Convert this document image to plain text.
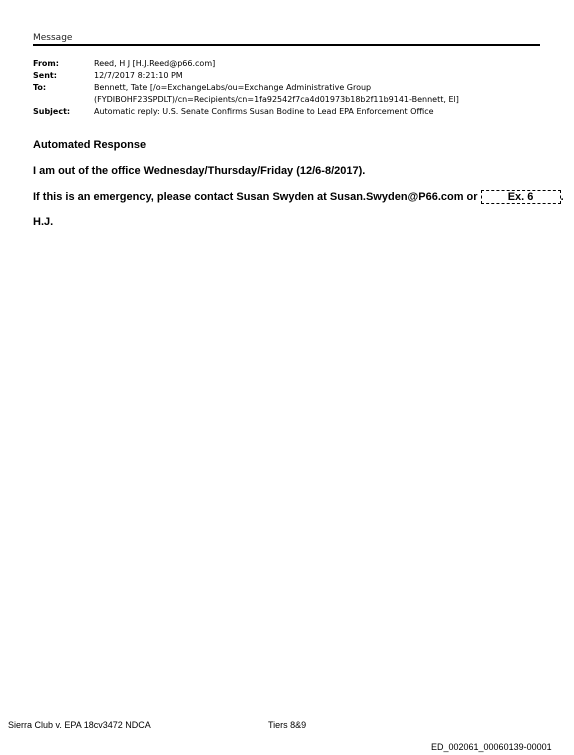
Message
From:	Reed, H J [H.J.Reed@p66.com]
Sent:	12/7/2017 8:21:10 PM
To:	Bennett, Tate [/o=ExchangeLabs/ou=Exchange Administrative Group
(FYDIBOHF23SPDLT)/cn=Recipients/cn=1fa92542f7ca4d01973b18b2f11b9141-Bennett, El]
Subject:	Automatic reply: U.S. Senate Confirms Susan Bodine to Lead EPA Enforcement Office
Automated Response
I am out of the office Wednesday/Thursday/Friday (12/6-8/2017).
If this is an emergency, please contact Susan Swyden at Susan.Swyden@P66.com or	Ex. 6	.
H.J.
Sierra Club v. EPA 18cv3472 NDCA	Tiers 8&9
ED_002061_00060139-00001
